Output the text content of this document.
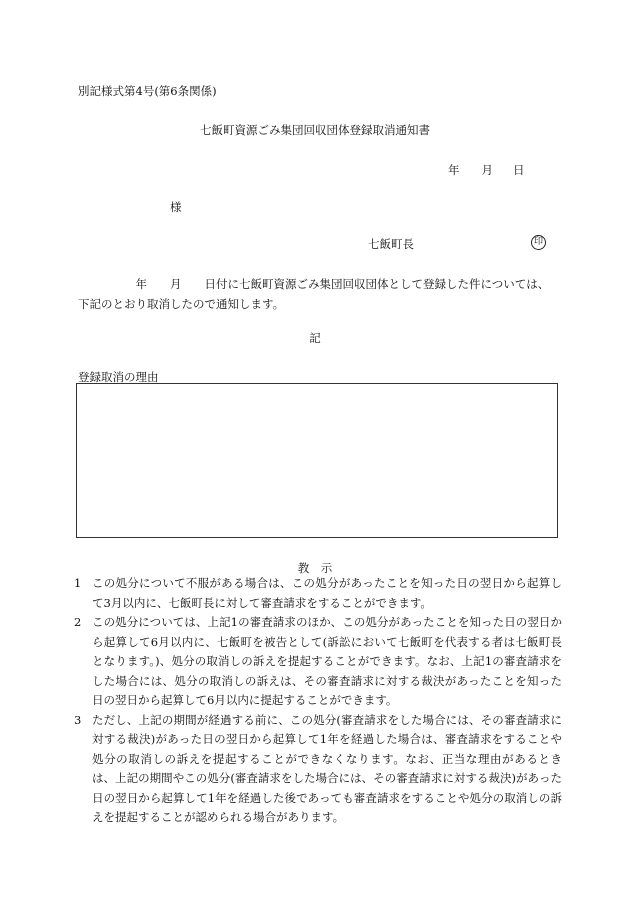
別記様式第4号(第6条関係)
七飯町資源ごみ集団回収団体登録取消通知書
年 月 日
様
七飯町長	印

　　　　　年　　月　　日付に七飯町資源ごみ集団回収団体として登録した件については、下記のとおり取消したので通知します。

記
登録取消の理由
教　示
1 この処分について不服がある場合は、この処分があったことを知った日の翌日から起算して3月以内に、七飯町長に対して審査請求をすることができます。
2 この処分については、上記1の審査請求のほか、この処分があったことを知った日の翌日から起算して6月以内に、七飯町を被告として(訴訟において七飯町を代表する者は七飯町長となります。)、処分の取消しの訴えを提起することができます。なお、上記1の審査請求をした場合には、処分の取消しの訴えは、その審査請求に対する裁決があったことを知った日の翌日から起算して6月以内に提起することができます。
3 ただし、上記の期間が経過する前に、この処分(審査請求をした場合には、その審査請求に対する裁決)があった日の翌日から起算して1年を経過した場合は、審査請求をすることや処分の取消しの訴えを提起することができなくなります。なお、正当な理由があるときは、上記の期間やこの処分(審査請求をした場合には、その審査請求に対する裁決)があった日の翌日から起算して1年を経過した後であっても審査請求をすることや処分の取消しの訴えを提起することが認められる場合があります。
